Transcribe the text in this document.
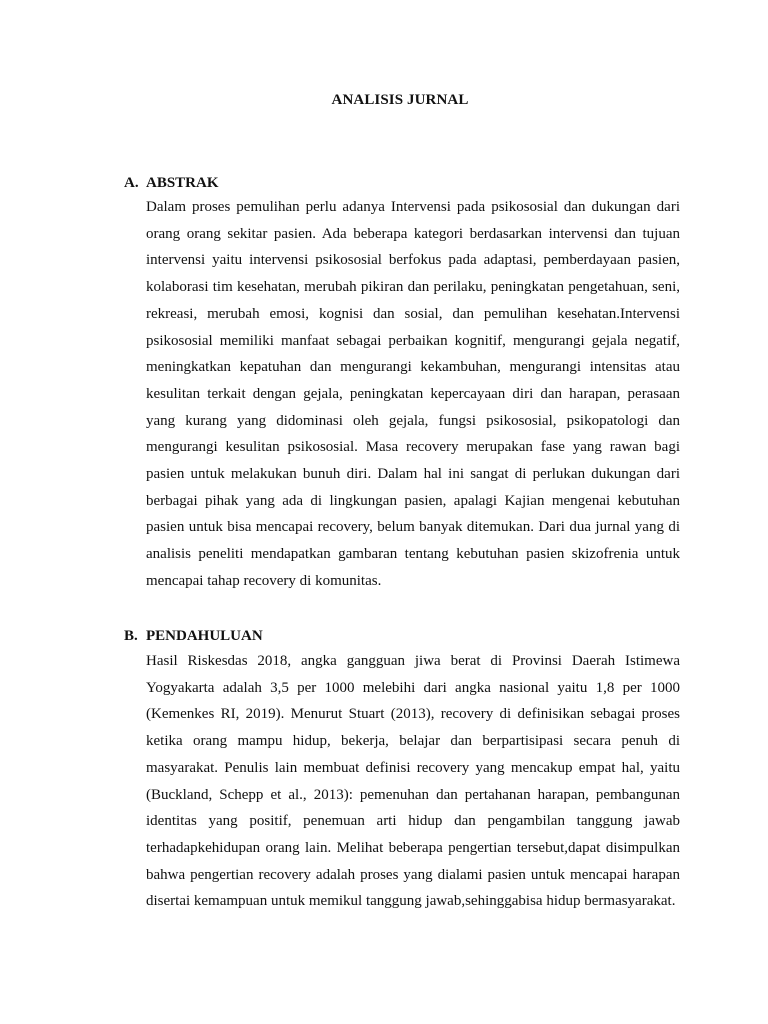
ANALISIS JURNAL
A. ABSTRAK
Dalam proses pemulihan perlu adanya Intervensi pada psikososial dan dukungan dari orang orang sekitar pasien. Ada beberapa kategori berdasarkan intervensi dan tujuan intervensi yaitu intervensi psikososial berfokus pada adaptasi, pemberdayaan pasien, kolaborasi tim kesehatan, merubah pikiran dan perilaku, peningkatan pengetahuan, seni, rekreasi, merubah emosi, kognisi dan sosial, dan pemulihan kesehatan.Intervensi psikososial memiliki manfaat sebagai perbaikan kognitif, mengurangi gejala negatif, meningkatkan kepatuhan dan mengurangi kekambuhan, mengurangi intensitas atau kesulitan terkait dengan gejala, peningkatan kepercayaan diri dan harapan, perasaan yang kurang yang didominasi oleh gejala, fungsi psikososial, psikopatologi dan mengurangi kesulitan psikososial. Masa recovery merupakan fase yang rawan bagi pasien untuk melakukan bunuh diri. Dalam hal ini sangat di perlukan dukungan dari berbagai pihak yang ada di lingkungan pasien, apalagi Kajian mengenai kebutuhan pasien untuk bisa mencapai recovery, belum banyak ditemukan. Dari dua jurnal yang di analisis peneliti mendapatkan gambaran tentang kebutuhan pasien skizofrenia untuk mencapai tahap recovery di komunitas.
B. PENDAHULUAN
Hasil Riskesdas 2018, angka gangguan jiwa berat di Provinsi Daerah Istimewa Yogyakarta adalah 3,5 per 1000 melebihi dari angka nasional yaitu 1,8 per 1000 (Kemenkes RI, 2019). Menurut Stuart (2013), recovery di definisikan sebagai proses ketika orang mampu hidup, bekerja, belajar dan berpartisipasi secara penuh di masyarakat. Penulis lain membuat definisi recovery yang mencakup empat hal, yaitu (Buckland, Schepp et al., 2013): pemenuhan dan pertahanan harapan, pembangunan identitas yang positif, penemuan arti hidup dan pengambilan tanggung jawab terhadapkehidupan orang lain. Melihat beberapa pengertian tersebut,dapat disimpulkan bahwa pengertian recovery adalah proses yang dialami pasien untuk mencapai harapan disertai kemampuan untuk memikul tanggung jawab,sehinggabisa hidup bermasyarakat.
